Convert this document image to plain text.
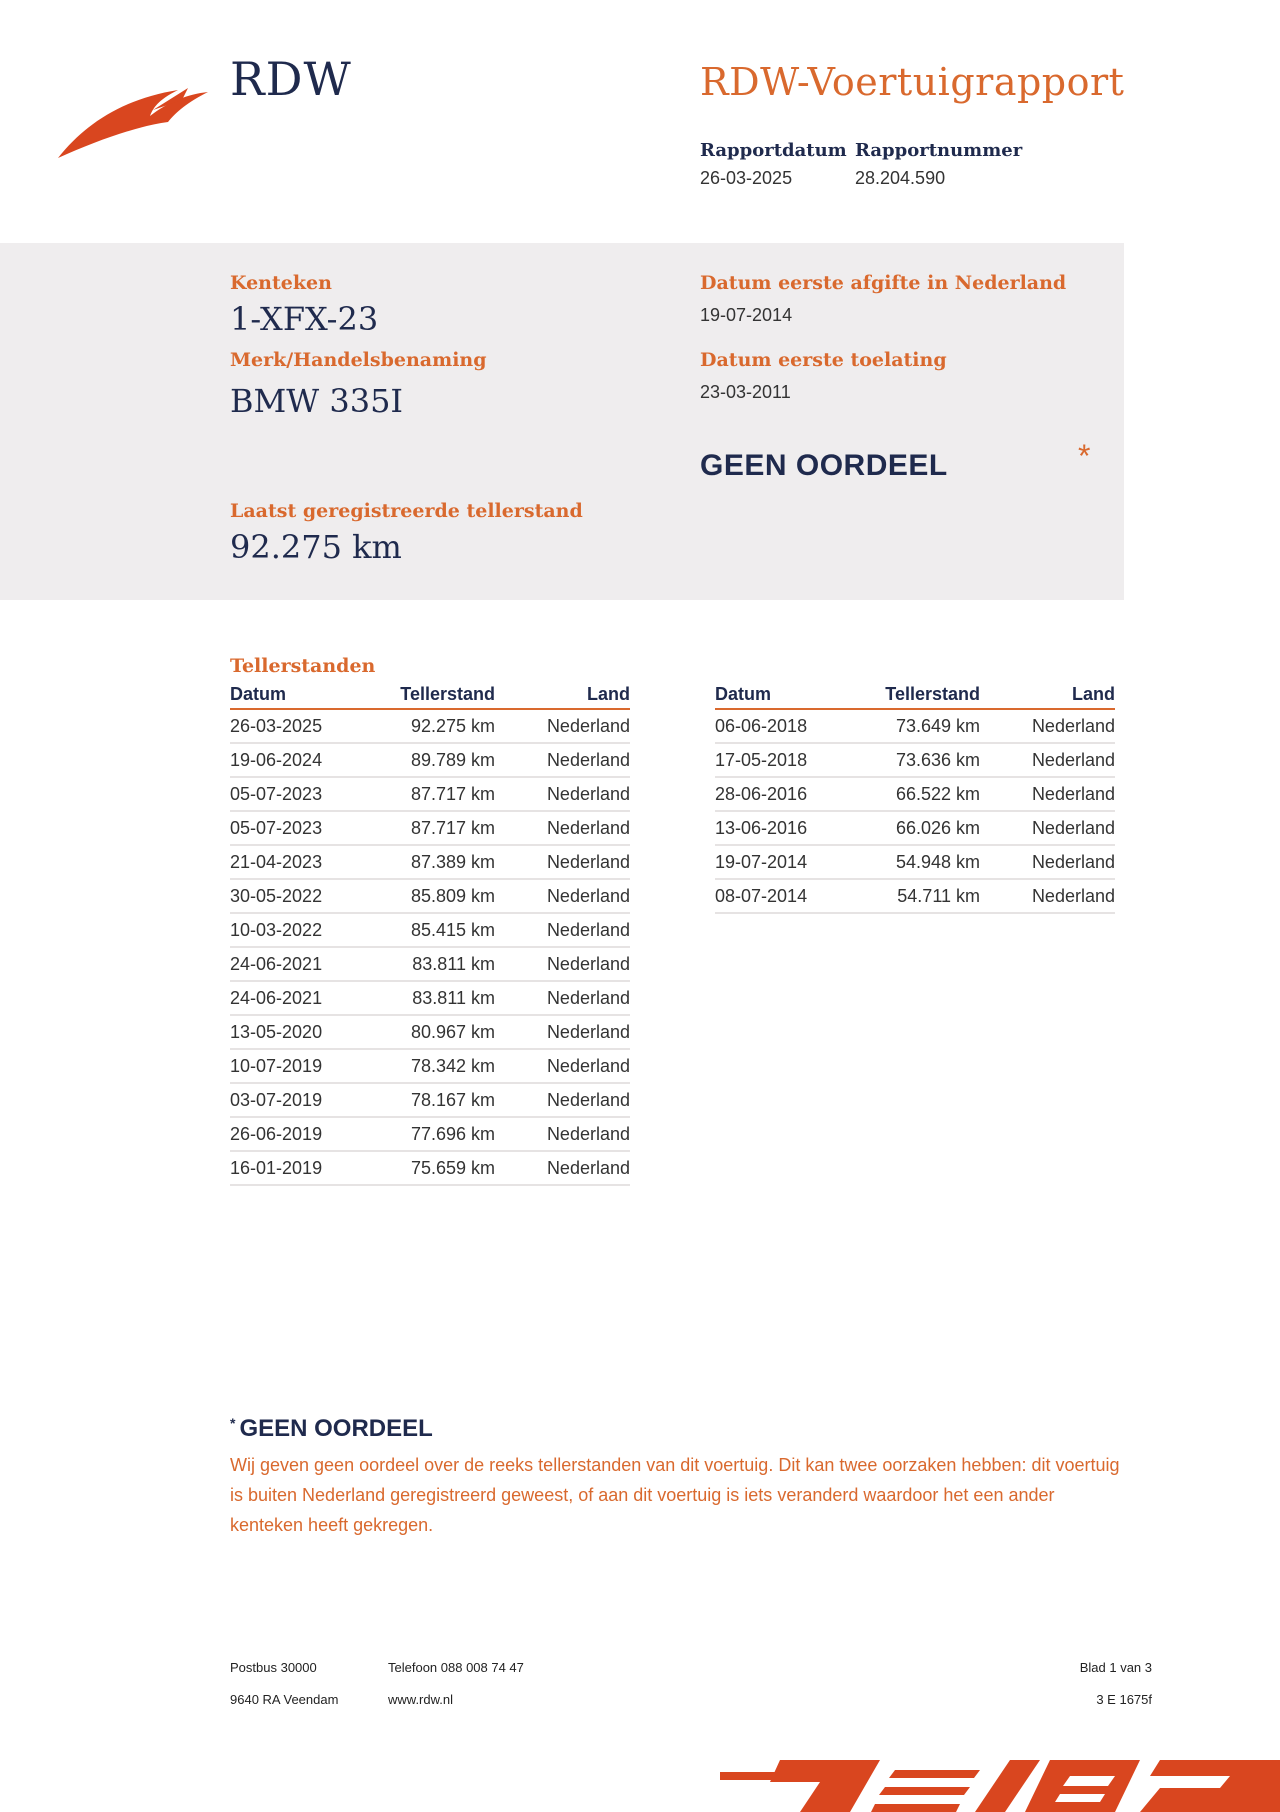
RDW	RDW-Voertuigrapport
Rapportdatum
26-03-2025
Rapportnummer
28.204.590
Kenteken
1-XFX-23
Merk/Handelsbenaming
BMW 335I
Laatst geregistreerde tellerstand
92.275 km
Datum eerste afgifte in Nederland
19-07-2014
Datum eerste toelating
23-03-2011
GEEN OORDEEL	*
Tellerstanden
Datum	Tellerstand	Land
26-03-2025	92.275 km	Nederland
19-06-2024	89.789 km	Nederland
05-07-2023	87.717 km	Nederland
05-07-2023	87.717 km	Nederland
21-04-2023	87.389 km	Nederland
30-05-2022	85.809 km	Nederland
10-03-2022	85.415 km	Nederland
24-06-2021	83.811 km	Nederland
24-06-2021	83.811 km	Nederland
13-05-2020	80.967 km	Nederland
10-07-2019	78.342 km	Nederland
03-07-2019	78.167 km	Nederland
26-06-2019	77.696 km	Nederland
16-01-2019	75.659 km	Nederland
Datum	Tellerstand	Land
06-06-2018	73.649 km	Nederland
17-05-2018	73.636 km	Nederland
28-06-2016	66.522 km	Nederland
13-06-2016	66.026 km	Nederland
19-07-2014	54.948 km	Nederland
08-07-2014	54.711 km	Nederland
* GEEN OORDEEL
Wij geven geen oordeel over de reeks tellerstanden van dit voertuig. Dit kan twee oorzaken hebben: dit voertuig is buiten Nederland geregistreerd geweest, of aan dit voertuig is iets veranderd waardoor het een ander kenteken heeft gekregen.
Postbus 30000
9640 RA Veendam
Telefoon 088 008 74 47
www.rdw.nl
Blad 1 van 3
3 E 1675f
